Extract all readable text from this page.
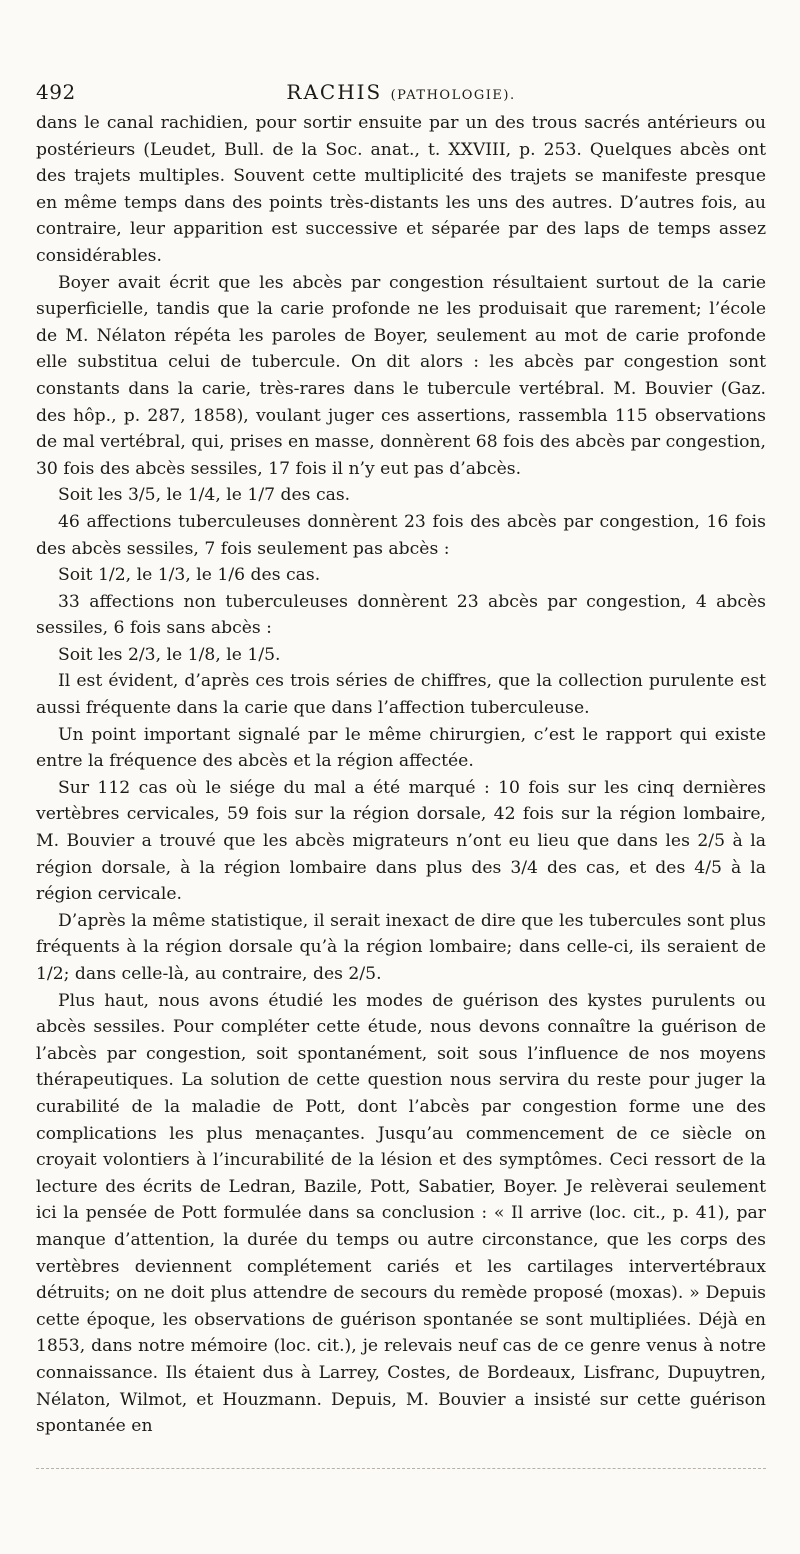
492	RACHIS (PATHOLOGIE).

dans le canal rachidien, pour sortir ensuite par un des trous sacrés antérieurs ou postérieurs (Leudet, Bull. de la Soc. anat., t. XXVIII, p. 253. Quelques abcès ont des trajets multiples. Souvent cette multiplicité des trajets se manifeste presque en même temps dans des points très-distants les uns des autres. D’autres fois, au contraire, leur apparition est successive et séparée par des laps de temps assez considérables.

Boyer avait écrit que les abcès par congestion résultaient surtout de la carie superficielle, tandis que la carie profonde ne les produisait que rarement; l’école de M. Nélaton répéta les paroles de Boyer, seulement au mot de carie profonde elle substitua celui de tubercule. On dit alors : les abcès par congestion sont constants dans la carie, très-rares dans le tubercule vertébral. M. Bouvier (Gaz. des hôp., p. 287, 1858), voulant juger ces assertions, rassembla 115 observations de mal vertébral, qui, prises en masse, donnèrent 68 fois des abcès par congestion, 30 fois des abcès sessiles, 17 fois il n’y eut pas d’abcès.

Soit les 3/5, le 1/4, le 1/7 des cas.

46 affections tuberculeuses donnèrent 23 fois des abcès par congestion, 16 fois des abcès sessiles, 7 fois seulement pas abcès :

Soit 1/2, le 1/3, le 1/6 des cas.

33 affections non tuberculeuses donnèrent 23 abcès par congestion, 4 abcès sessiles, 6 fois sans abcès :

Soit les 2/3, le 1/8, le 1/5.

Il est évident, d’après ces trois séries de chiffres, que la collection purulente est aussi fréquente dans la carie que dans l’affection tuberculeuse.

Un point important signalé par le même chirurgien, c’est le rapport qui existe entre la fréquence des abcès et la région affectée.

Sur 112 cas où le siége du mal a été marqué : 10 fois sur les cinq dernières vertèbres cervicales, 59 fois sur la région dorsale, 42 fois sur la région lombaire, M. Bouvier a trouvé que les abcès migrateurs n’ont eu lieu que dans les 2/5 à la région dorsale, à la région lombaire dans plus des 3/4 des cas, et des 4/5 à la région cervicale.

D’après la même statistique, il serait inexact de dire que les tubercules sont plus fréquents à la région dorsale qu’à la région lombaire; dans celle-ci, ils seraient de 1/2; dans celle-là, au contraire, des 2/5.

Plus haut, nous avons étudié les modes de guérison des kystes purulents ou abcès sessiles. Pour compléter cette étude, nous devons connaître la guérison de l’abcès par congestion, soit spontanément, soit sous l’influence de nos moyens thérapeutiques. La solution de cette question nous servira du reste pour juger la curabilité de la maladie de Pott, dont l’abcès par congestion forme une des complications les plus menaçantes. Jusqu’au commencement de ce siècle on croyait volontiers à l’incurabilité de la lésion et des symptômes. Ceci ressort de la lecture des écrits de Ledran, Bazile, Pott, Sabatier, Boyer. Je relèverai seulement ici la pensée de Pott formulée dans sa conclusion : « Il arrive (loc. cit., p. 41), par manque d’attention, la durée du temps ou autre circonstance, que les corps des vertèbres deviennent complétement cariés et les cartilages intervertébraux détruits; on ne doit plus attendre de secours du remède proposé (moxas). » Depuis cette époque, les observations de guérison spontanée se sont multipliées. Déjà en 1853, dans notre mémoire (loc. cit.), je relevais neuf cas de ce genre venus à notre connaissance. Ils étaient dus à Larrey, Costes, de Bordeaux, Lisfranc, Dupuytren, Nélaton, Wilmot, et Houzmann. Depuis, M. Bouvier a insisté sur cette guérison spontanée en
